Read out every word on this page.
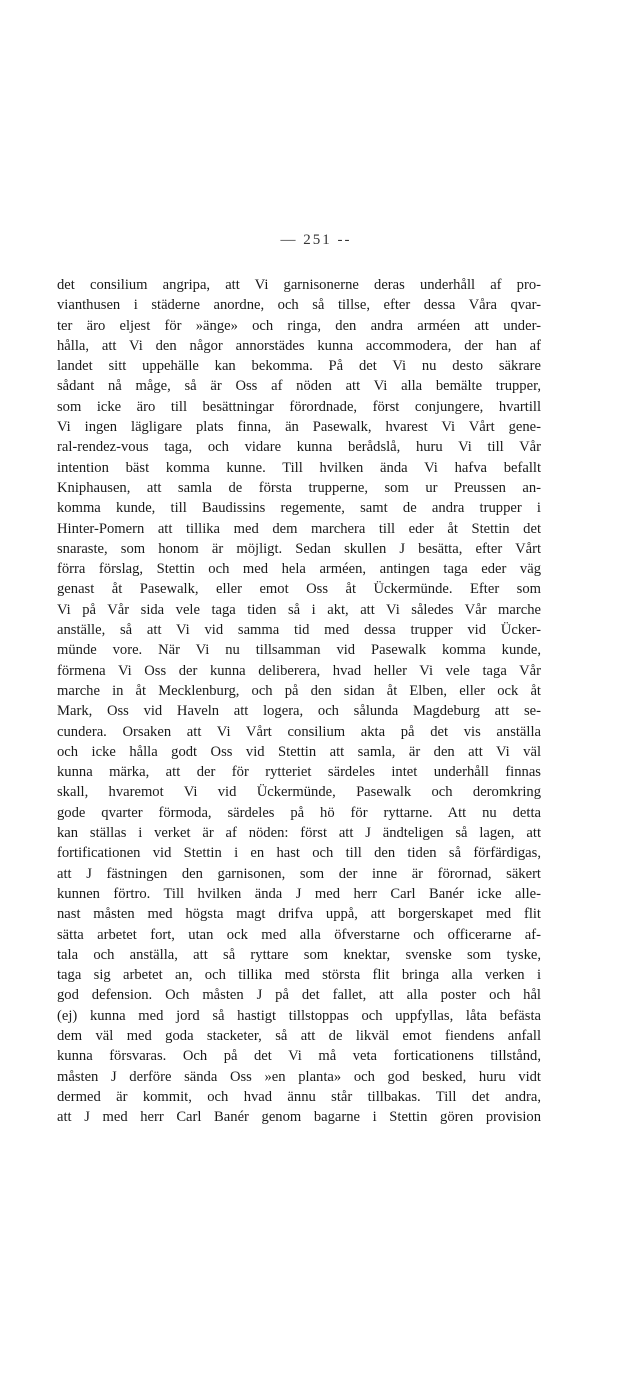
— 251 --
det consilium angripa, att Vi garnisonerne deras underhåll af pro-
vianthusen i städerne anordne, och så tillse, efter dessa Våra qvar-
ter äro eljest för »änge» och ringa, den andra arméen att under-
hålla, att Vi den någor annorstädes kunna accommodera, der han af
landet sitt uppehälle kan bekomma. På det Vi nu desto säkrare
sådant nå måge, så är Oss af nöden att Vi alla bemälte trupper,
som icke äro till besättningar förordnade, först conjungere, hvartill
Vi ingen lägligare plats finna, än Pasewalk, hvarest Vi Vårt gene-
ral-rendez-vous taga, och vidare kunna berådslå, huru Vi till Vår
intention bäst komma kunne. Till hvilken ända Vi hafva befallt
Kniphausen, att samla de första trupperne, som ur Preussen an-
komma kunde, till Baudissins regemente, samt de andra trupper i
Hinter-Pomern att tillika med dem marchera till eder åt Stettin det
snaraste, som honom är möjligt. Sedan skullen J besätta, efter Vårt
förra förslag, Stettin och med hela arméen, antingen taga eder väg
genast åt Pasewalk, eller emot Oss åt Ückermünde. Efter som
Vi på Vår sida vele taga tiden så i akt, att Vi således Vår marche
anställe, så att Vi vid samma tid med dessa trupper vid Ücker-
münde vore. När Vi nu tillsamman vid Pasewalk komma kunde,
förmena Vi Oss der kunna deliberera, hvad heller Vi vele taga Vår
marche in åt Mecklenburg, och på den sidan åt Elben, eller ock åt
Mark, Oss vid Haveln att logera, och sålunda Magdeburg att se-
cundera. Orsaken att Vi Vårt consilium akta på det vis anställa
och icke hålla godt Oss vid Stettin att samla, är den att Vi väl
kunna märka, att der för rytteriet särdeles intet underhåll finnas
skall, hvaremot Vi vid Ückermünde, Pasewalk och deromkring
gode qvarter förmoda, särdeles på hö för ryttarne. Att nu detta
kan ställas i verket är af nöden: först att J ändteligen så lagen, att
fortificationen vid Stettin i en hast och till den tiden så förfärdigas,
att J fästningen den garnisonen, som der inne är förornad, säkert
kunnen förtro. Till hvilken ända J med herr Carl Banér icke alle-
nast måsten med högsta magt drifva uppå, att borgerskapet med flit
sätta arbetet fort, utan ock med alla öfverstarne och officerarne af-
tala och anställa, att så ryttare som knektar, svenske som tyske,
taga sig arbetet an, och tillika med största flit bringa alla verken i
god defension. Och måsten J på det fallet, att alla poster och hål
(ej) kunna med jord så hastigt tillstoppas och uppfyllas, låta befästa
dem väl med goda stacketer, så att de likväl emot fiendens anfall
kunna försvaras. Och på det Vi må veta forticationens tillstånd,
måsten J derföre sända Oss »en planta» och god besked, huru vidt
dermed är kommit, och hvad ännu står tillbakas. Till det andra,
att J med herr Carl Banér genom bagarne i Stettin gören provision
